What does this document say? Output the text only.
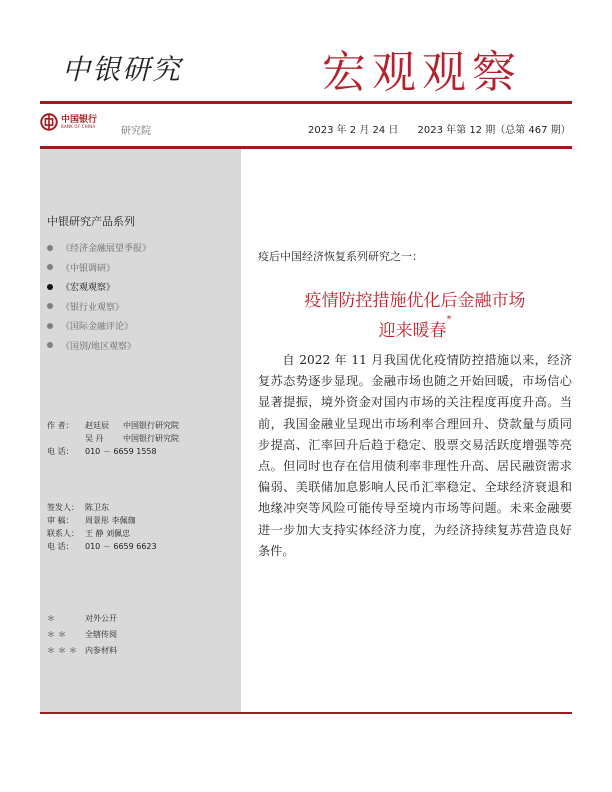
中银研究	宏观观察
中国银行
BANK OF CHINA	研究院	2023 年 2 月 24 日 2023 年第 12 期（总第 467 期）
中银研究产品系列
《经济金融展望季报》
《中银调研》
《宏观观察》
《银行业观察》
《国际金融评论》
《国别/地区观察》
作 者：	赵廷辰	中国银行研究院
吴 丹	中国银行研究院
电 话：	010 － 6659 1558
签发人： 陈卫东
审 稿：	周景彤 李佩珈
联系人： 王 静 刘佩忠
电 话：	010 － 6659 6623
＊	对外公开
＊＊	全辖传阅
＊＊＊ 内参材料
疫后中国经济恢复系列研究之一：
疫情防控措施优化后金融市场
迎来暖春*

自 2022 年 11 月我国优化疫情防控措施以来，经济复苏态势逐步显现。金融市场也随之开始回暖，市场信心显著提振，境外资金对国内市场的关注程度再度升高。当前，我国金融业呈现出市场利率合理回升、贷款量与质同步提高、汇率回升后趋于稳定、股票交易活跃度增强等亮点。但同时也存在信用债利率非理性升高、居民融资需求偏弱、美联储加息影响人民币汇率稳定、全球经济衰退和地缘冲突等风险可能传导至境内市场等问题。未来金融要进一步加大支持实体经济力度，为经济持续复苏营造良好条件。
